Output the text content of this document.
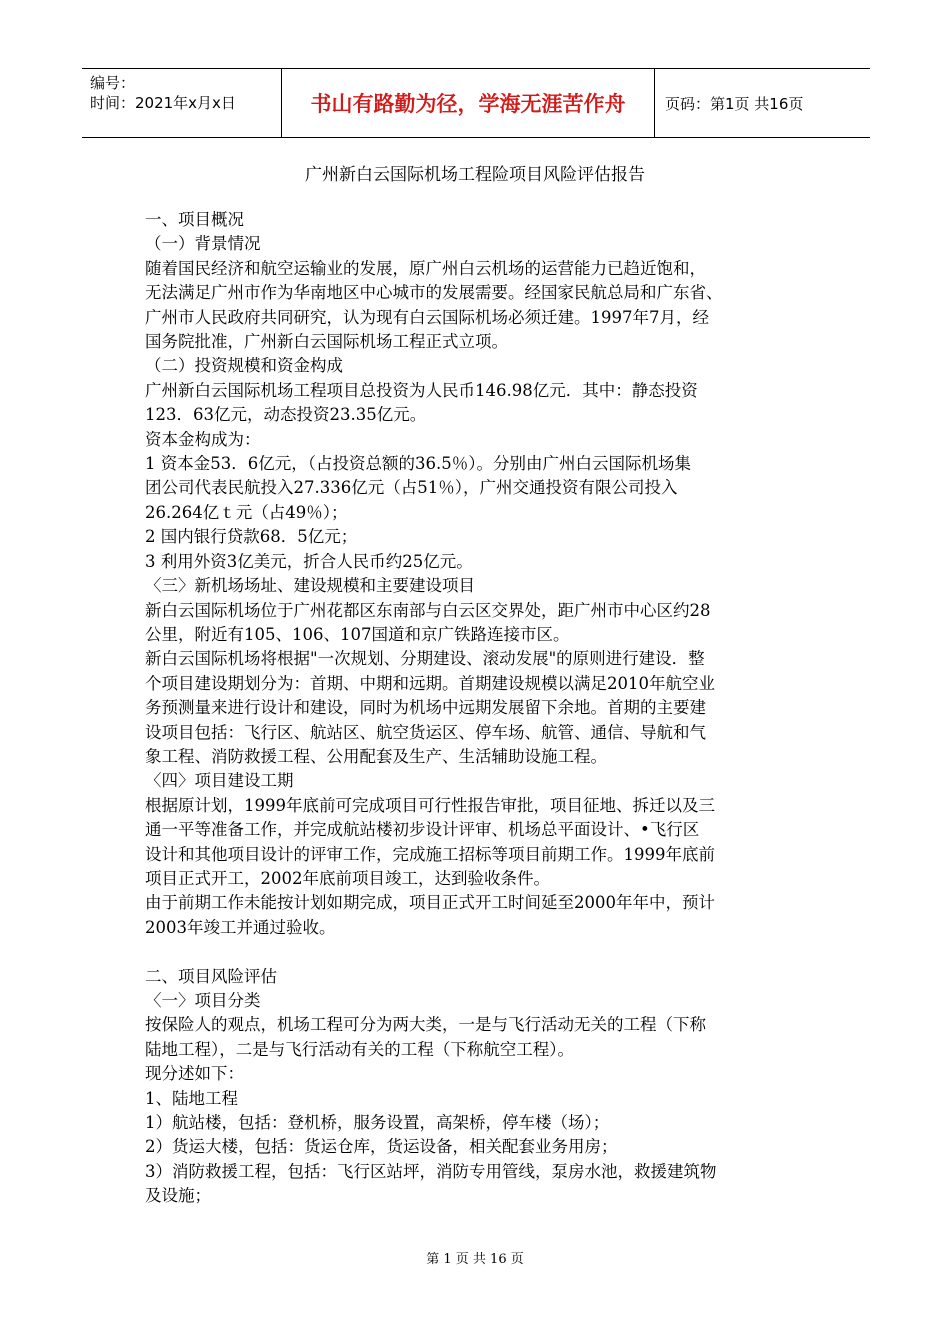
编号：
时间：2021年x月x日	书山有路勤为径，学海无涯苦作舟	页码：第1页 共16页
广州新白云国际机场工程险项目风险评估报告

一、项目概况

（一）背景情况

随着国民经济和航空运输业的发展，原广州白云机场的运营能力已趋近饱和，

无法满足广州市作为华南地区中心城市的发展需要。经国家民航总局和广东省、

广州市人民政府共同研究，认为现有白云国际机场必须迁建。1997年7月，经

国务院批准，广州新白云国际机场工程正式立项。

（二）投资规模和资金构成

广州新白云国际机场工程项目总投资为人民币146.98亿元．其中：静态投资

123．63亿元，动态投资23.35亿元。

资本金构成为：

1 资本金53．6亿元，（占投资总额的36.5％）。分别由广州白云国际机场集

团公司代表民航投入27.336亿元（占51％），广州交通投资有限公司投入

26.264亿ｔ元（占49％）；

2 国内银行贷款68．5亿元；

3 利用外资3亿美元，折合人民币约25亿元。

〈三〉新机场场址、建设规模和主要建设项目

新白云国际机场位于广州花都区东南部与白云区交界处，距广州市中心区约28

公里，附近有105、106、107国道和京广铁路连接市区。

新白云国际机场将根据"一次规划、分期建设、滚动发展"的原则进行建设．整

个项目建设期划分为：首期、中期和远期。首期建设规模以满足2010年航空业

务预测量来进行设计和建设，同时为机场中远期发展留下余地。首期的主要建

设项目包括：飞行区、航站区、航空货运区、停车场、航管、通信、导航和气

象工程、消防救援工程、公用配套及生产、生活辅助设施工程。

〈四〉项目建设工期

根据原计划，1999年底前可完成项目可行性报告审批，项目征地、拆迁以及三

通一平等准备工作，并完成航站楼初步设计评审、机场总平面设计、•飞行区

设计和其他项目设计的评审工作，完成施工招标等项目前期工作。1999年底前

项目正式开工，2002年底前项目竣工，达到验收条件。

由于前期工作未能按计划如期完成，项目正式开工时间延至2000年年中，预计

2003年竣工并通过验收。

二、项目风险评估

〈一〉项目分类

按保险人的观点，机场工程可分为两大类，一是与飞行活动无关的工程（下称

陆地工程），二是与飞行活动有关的工程（下称航空工程）。

现分述如下：

1、陆地工程

1）航站楼，包括：登机桥，服务设置，高架桥，停车楼（场）；

2）货运大楼，包括：货运仓库，货运设备，相关配套业务用房；

3）消防救援工程，包括：飞行区站坪，消防专用管线，泵房水池，救援建筑物

及设施；

第 1 页 共 16 页
